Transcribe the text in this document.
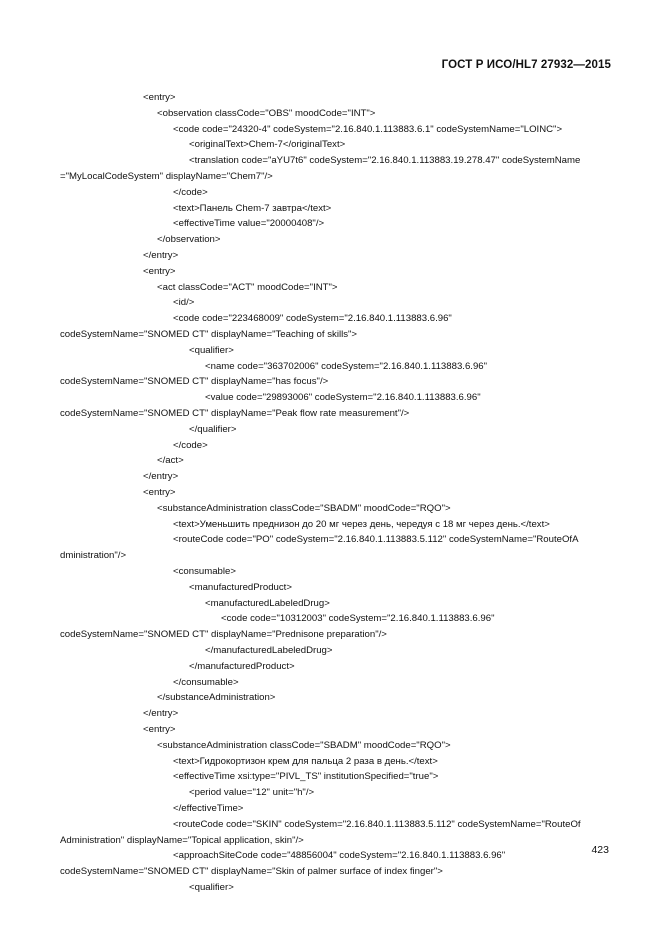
ГОСТ Р ИСО/HL7 27932—2015
<entry>
<observation classCode="OBS" moodCode="INT">
<code code="24320-4" codeSystem="2.16.840.1.113883.6.1" codeSystemName="LOINC">
<originalText>Chem-7</originalText>
<translation code="aYU7t6" codeSystem="2.16.840.1.113883.19.278.47" codeSystemName
="MyLocalCodeSystem" displayName="Chem7"/>
</code>
<text>Панель Chem-7 завтра</text>
<effectiveTime value="20000408"/>
</observation>
</entry>
<entry>
<act classCode="ACT" moodCode="INT">
<id/>
<code code="223468009" codeSystem="2.16.840.1.113883.6.96"
codeSystemName="SNOMED CT" displayName="Teaching of skills">
<qualifier>
<name code="363702006" codeSystem="2.16.840.1.113883.6.96"
codeSystemName="SNOMED CT" displayName="has focus"/>
<value code="29893006" codeSystem="2.16.840.1.113883.6.96"
codeSystemName="SNOMED CT" displayName="Peak flow rate measurement"/>
</qualifier>
</code>
</act>
</entry>
<entry>
<substanceAdministration classCode="SBADM" moodCode="RQO">
<text>Уменьшить преднизон до 20 мг через день, чередуя с 18 мг через день.</text>
<routeCode code="PO" codeSystem="2.16.840.1.113883.5.112" codeSystemName="RouteOfA
dministration"/>
<consumable>
<manufacturedProduct>
<manufacturedLabeledDrug>
<code code="10312003" codeSystem="2.16.840.1.113883.6.96"
codeSystemName="SNOMED CT" displayName="Prednisone preparation"/>
</manufacturedLabeledDrug>
</manufacturedProduct>
</consumable>
</substanceAdministration>
</entry>
<entry>
<substanceAdministration classCode="SBADM" moodCode="RQO">
<text>Гидрокортизон крем для пальца 2 раза в день.</text>
<effectiveTime xsi:type="PIVL_TS" institutionSpecified="true">
<period value="12" unit="h"/>
</effectiveTime>
<routeCode code="SKIN" codeSystem="2.16.840.1.113883.5.112" codeSystemName="RouteOf
Administration" displayName="Topical application, skin"/>
<approachSiteCode code="48856004" codeSystem="2.16.840.1.113883.6.96"
codeSystemName="SNOMED CT" displayName="Skin of palmer surface of index finger">
<qualifier>
423
